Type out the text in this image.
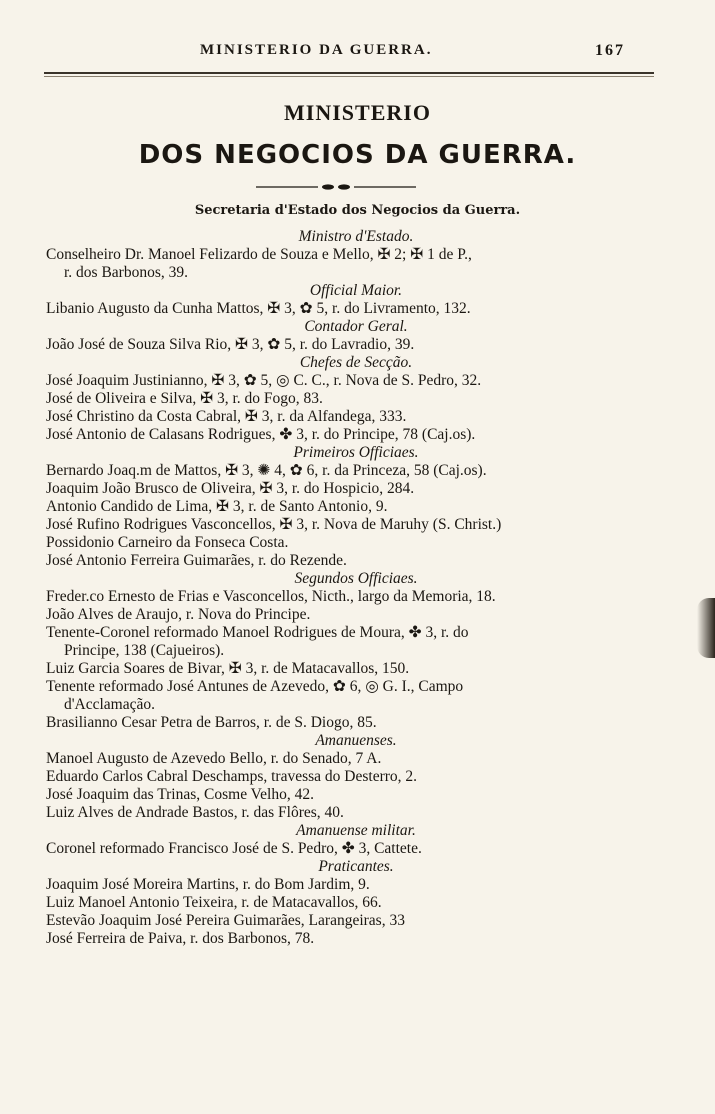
MINISTERIO DA GUERRA.	167
MINISTERIO
DOS NEGOCIOS DA GUERRA.
Secretaria d'Estado dos Negocios da Guerra.
Ministro d'Estado.
Conselheiro Dr. Manoel Felizardo de Souza e Mello, ✠ 2; ✠ 1 de P.,
r. dos Barbonos, 39.
Official Maior.
Libanio Augusto da Cunha Mattos, ✠ 3, ✿ 5, r. do Livramento, 132.
Contador Geral.
João José de Souza Silva Rio, ✠ 3, ✿ 5, r. do Lavradio, 39.
Chefes de Secção.
José Joaquim Justinianno, ✠ 3, ✿ 5, ◎ C. C., r. Nova de S. Pedro, 32.
José de Oliveira e Silva, ✠ 3, r. do Fogo, 83.
José Christino da Costa Cabral, ✠ 3, r. da Alfandega, 333.
José Antonio de Calasans Rodrigues, ✤ 3, r. do Principe, 78 (Caj.os).
Primeiros Officiaes.
Bernardo Joaq.m de Mattos, ✠ 3, ✺ 4, ✿ 6, r. da Princeza, 58 (Caj.os).
Joaquim João Brusco de Oliveira, ✠ 3, r. do Hospicio, 284.
Antonio Candido de Lima, ✠ 3, r. de Santo Antonio, 9.
José Rufino Rodrigues Vasconcellos, ✠ 3, r. Nova de Maruhy (S. Christ.)
Possidonio Carneiro da Fonseca Costa.
José Antonio Ferreira Guimarães, r. do Rezende.
Segundos Officiaes.
Freder.co Ernesto de Frias e Vasconcellos, Nicth., largo da Memoria, 18.
João Alves de Araujo, r. Nova do Principe.
Tenente-Coronel reformado Manoel Rodrigues de Moura, ✤ 3, r. do
Principe, 138 (Cajueiros).
Luiz Garcia Soares de Bivar, ✠ 3, r. de Matacavallos, 150.
Tenente reformado José Antunes de Azevedo, ✿ 6, ◎ G. I., Campo
d'Acclamação.
Brasilianno Cesar Petra de Barros, r. de S. Diogo, 85.
Amanuenses.
Manoel Augusto de Azevedo Bello, r. do Senado, 7 A.
Eduardo Carlos Cabral Deschamps, travessa do Desterro, 2.
José Joaquim das Trinas, Cosme Velho, 42.
Luiz Alves de Andrade Bastos, r. das Flôres, 40.
Amanuense militar.
Coronel reformado Francisco José de S. Pedro, ✤ 3, Cattete.
Praticantes.
Joaquim José Moreira Martins, r. do Bom Jardim, 9.
Luiz Manoel Antonio Teixeira, r. de Matacavallos, 66.
Estevão Joaquim José Pereira Guimarães, Larangeiras, 33
José Ferreira de Paiva, r. dos Barbonos, 78.
